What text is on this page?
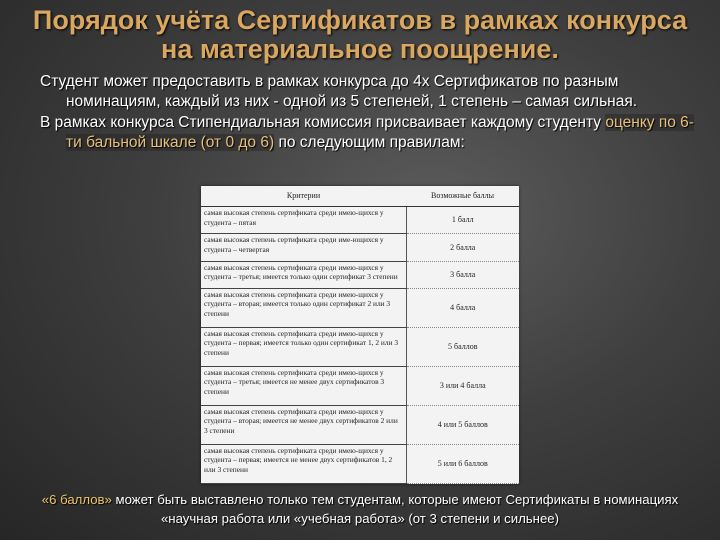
Порядок учёта Сертификатов в рамках конкурса
на материальное поощрение.

Студент может предоставить в рамках конкурса до 4х Сертификатов по разным номинациям, каждый из них - одной из 5 степеней, 1 степень – самая сильная.

В рамках конкурса Стипендиальная комиссия присваивает каждому студенту оценку по 6-ти бальной шкале (от 0 до 6) по следующим правилам:

Критерии	Возможные баллы
самая высокая степень сертификата среди имею-щихся у студента – пятая	1 балл
самая высокая степень сертификата среди име-ющихся у студента – четвертая	2 балла
самая высокая степень сертификата среди имею-щихся у студента – третья; имеется только один сертификат 3 степени	3 балла
самая высокая степень сертификата среди имею-щихся у студента – вторая; имеется только один сертификат 2 или 3 степени	4 балла
самая высокая степень сертификата среди имею-щихся у студента – первая; имеется только один сертификат 1, 2 или 3 степени	5 баллов
самая высокая степень сертификата среди имею-щихся у студента – третья; имеется не менее двух сертификатов 3 степени	3 или 4 балла
самая высокая степень сертификата среди имею-щихся у студента – вторая; имеется не менее двух сертификатов 2 или 3 степени	4 или 5 баллов
самая высокая степень сертификата среди имею-щихся у студента – первая; имеется не менее двух сертификатов 1, 2 или 3 степени	5 или 6 баллов

«6 баллов» может быть выставлено только тем студентам, которые имеют Сертификаты в номинациях «научная работа или «учебная работа» (от 3 степени и сильнее)
